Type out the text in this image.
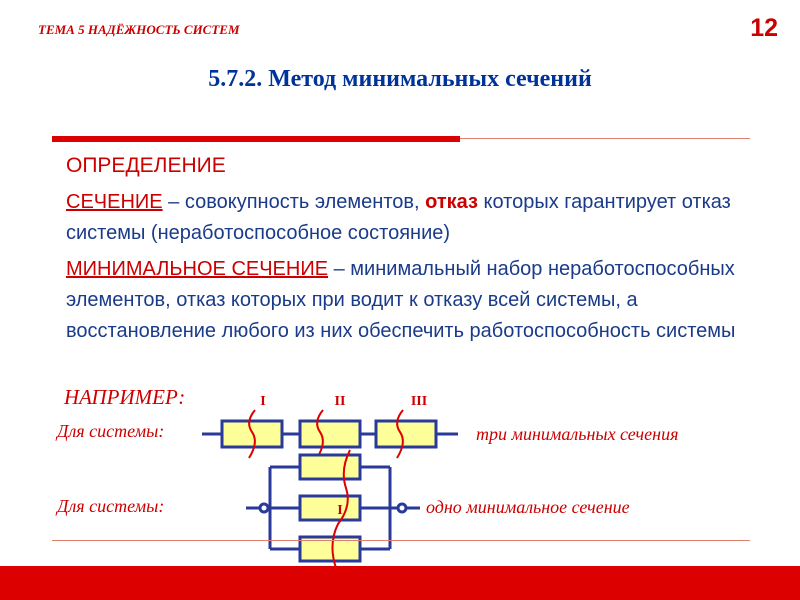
ТЕМА 5 НАДЁЖНОСТЬ СИСТЕМ	12
5.7.2. Метод минимальных сечений
ОПРЕДЕЛЕНИЕ
СЕЧЕНИЕ – совокупность элементов, отказ которых гарантирует отказ системы (неработоспособное состояние)
МИНИМАЛЬНОЕ СЕЧЕНИЕ – минимальный набор неработоспособных элементов, отказ которых при водит к отказу всей системы, а восстановление любого из них обеспечить работоспособность системы
НАПРИМЕР:
Для системы:
Для системы:
три минимальных сечения
одно минимальное сечение
I	II	III
I
